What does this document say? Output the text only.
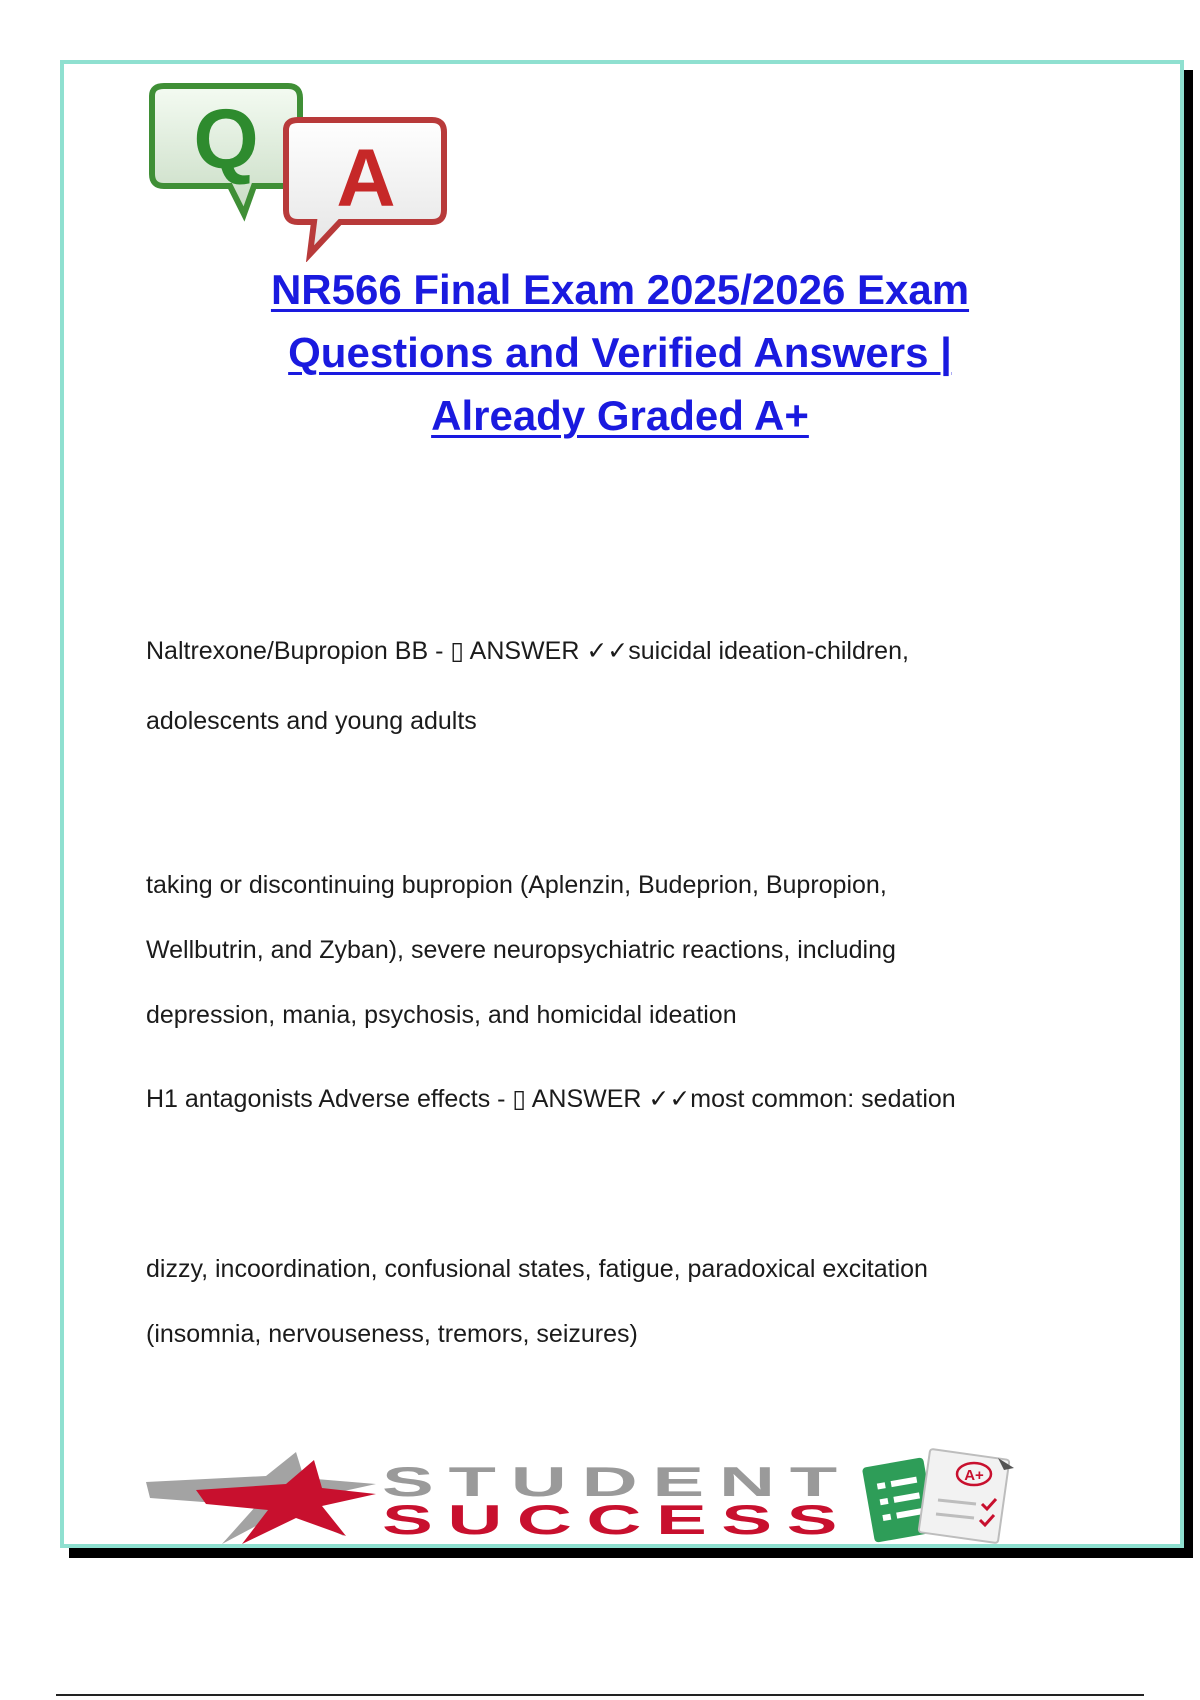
Q A
NR566 Final Exam 2025/2026 Exam
Questions and Verified Answers |
Already Graded A+

Naltrexone/Bupropion BB - ▯ ANSWER ✓✓suicidal ideation-children,

adolescents and young adults

taking or discontinuing bupropion (Aplenzin, Budeprion, Bupropion,

Wellbutrin, and Zyban), severe neuropsychiatric reactions, including

depression, mania, psychosis, and homicidal ideation

H1 antagonists Adverse effects - ▯ ANSWER ✓✓most common: sedation

dizzy, incoordination, confusional states, fatigue, paradoxical excitation

(insomnia, nervouseness, tremors, seizures)

STUDENT
SUCCESS
A+
